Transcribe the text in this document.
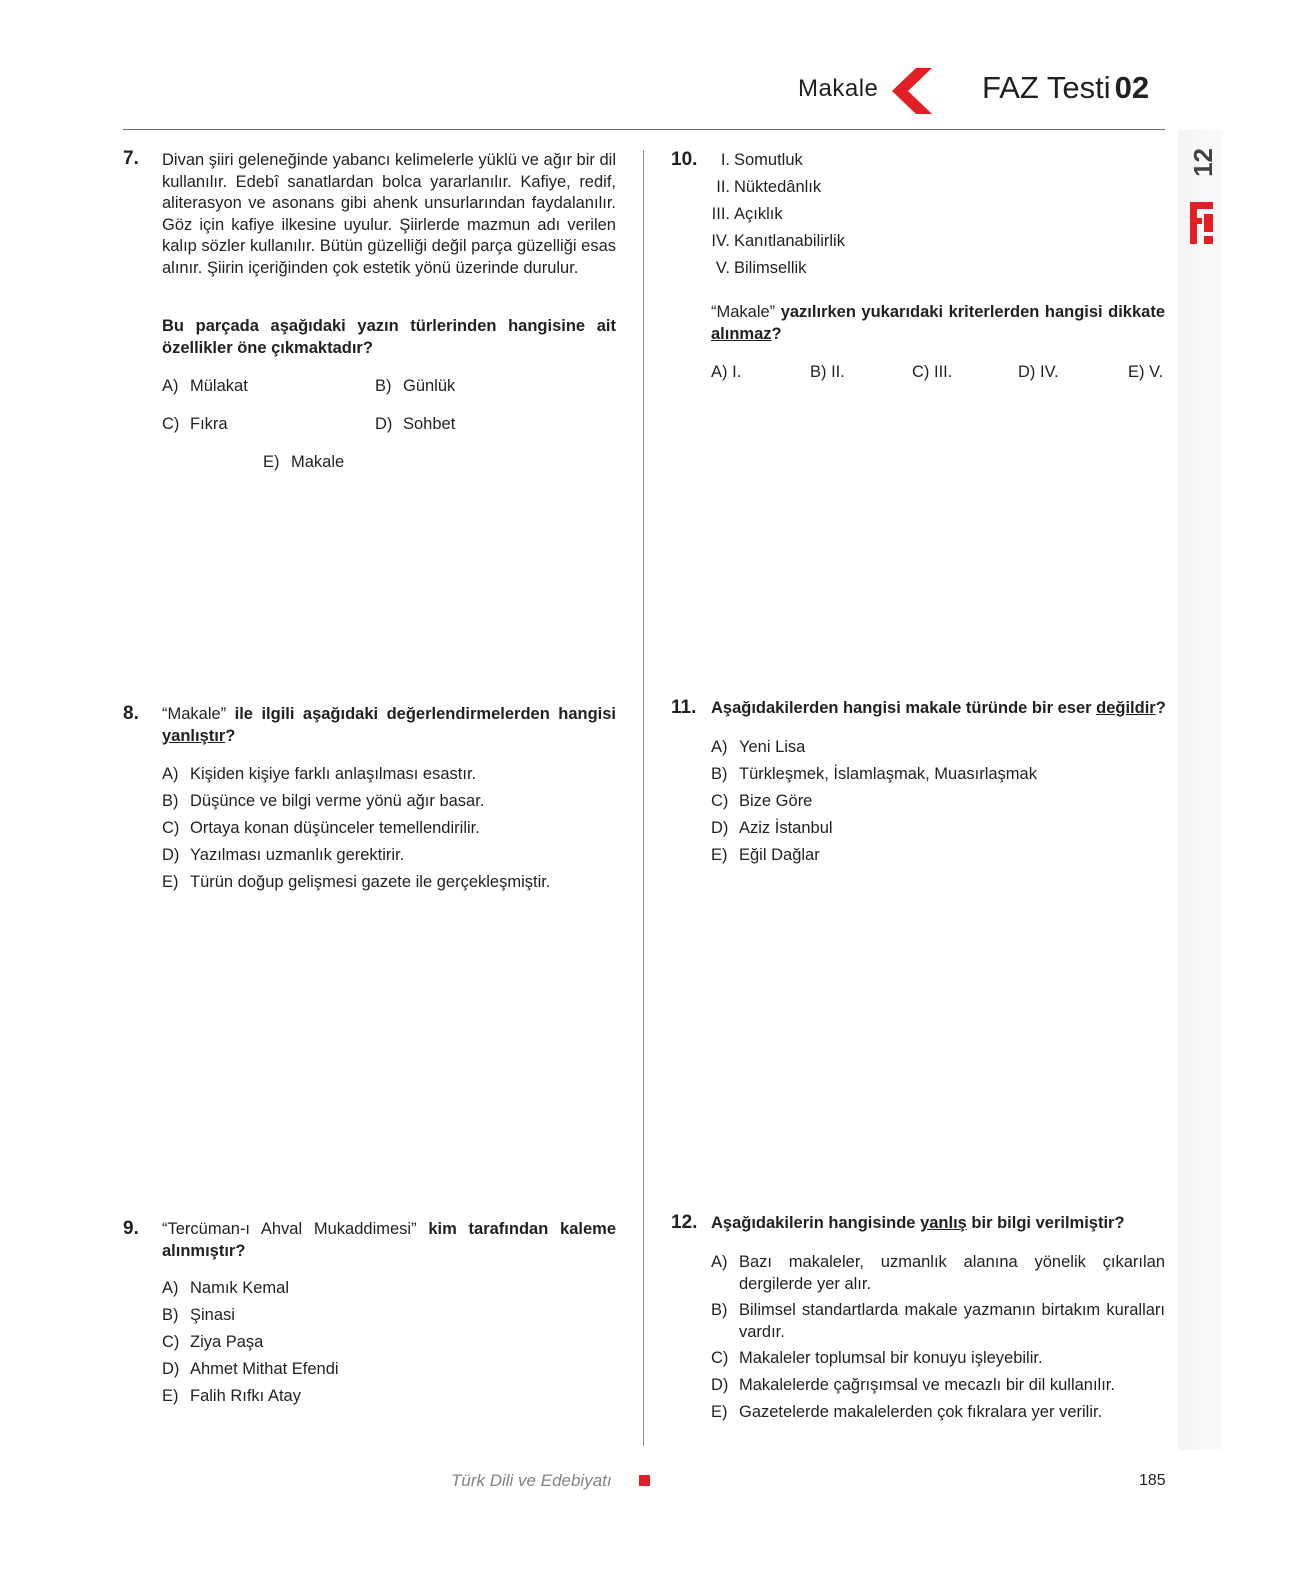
Makale	FAZ Testi 02
12
7. Divan şiiri geleneğinde yabancı kelimelerle yüklü ve ağır bir dil kullanılır. Edebî sanatlardan bolca yararlanılır. Kafiye, redif, aliterasyon ve asonans gibi ahenk unsurlarından faydalanılır. Göz için kafiye ilkesine uyulur. Şiirlerde mazmun adı verilen kalıp sözler kullanılır. Bütün güzelliği değil parça güzelliği esas alınır. Şiirin içeriğinden çok estetik yönü üzerinde durulur.
Bu parçada aşağıdaki yazın türlerinden hangisine ait özellikler öne çıkmaktadır?
A) Mülakat	B) Günlük
C) Fıkra	D) Sohbet
E) Makale
8. “Makale” ile ilgili aşağıdaki değerlendirmelerden hangisi yanlıştır?
A) Kişiden kişiye farklı anlaşılması esastır.
B) Düşünce ve bilgi verme yönü ağır basar.
C) Ortaya konan düşünceler temellendirilir.
D) Yazılması uzmanlık gerektirir.
E) Türün doğup gelişmesi gazete ile gerçekleşmiştir.
9. “Tercüman-ı Ahval Mukaddimesi” kim tarafından kaleme alınmıştır?
A) Namık Kemal
B) Şinasi
C) Ziya Paşa
D) Ahmet Mithat Efendi
E) Falih Rıfkı Atay
10.	I. Somutluk
II. Nüktedânlık
III. Açıklık
IV. Kanıtlanabilirlik
V. Bilimsellik
“Makale” yazılırken yukarıdaki kriterlerden hangisi dikkate alınmaz?
A) I.	B) II.	C) III.	D) IV.	E) V.
11. Aşağıdakilerden hangisi makale türünde bir eser değildir?
A) Yeni Lisa
B) Türkleşmek, İslamlaşmak, Muasırlaşmak
C) Bize Göre
D) Aziz İstanbul
E) Eğil Dağlar
12. Aşağıdakilerin hangisinde yanlış bir bilgi verilmiştir?
A) Bazı makaleler, uzmanlık alanına yönelik çıkarılan dergilerde yer alır.
B) Bilimsel standartlarda makale yazmanın birtakım kuralları vardır.
C) Makaleler toplumsal bir konuyu işleyebilir.
D) Makalelerde çağrışımsal ve mecazlı bir dil kullanılır.
E) Gazetelerde makalelerden çok fıkralara yer verilir.
Türk Dili ve Edebiyatı	185
